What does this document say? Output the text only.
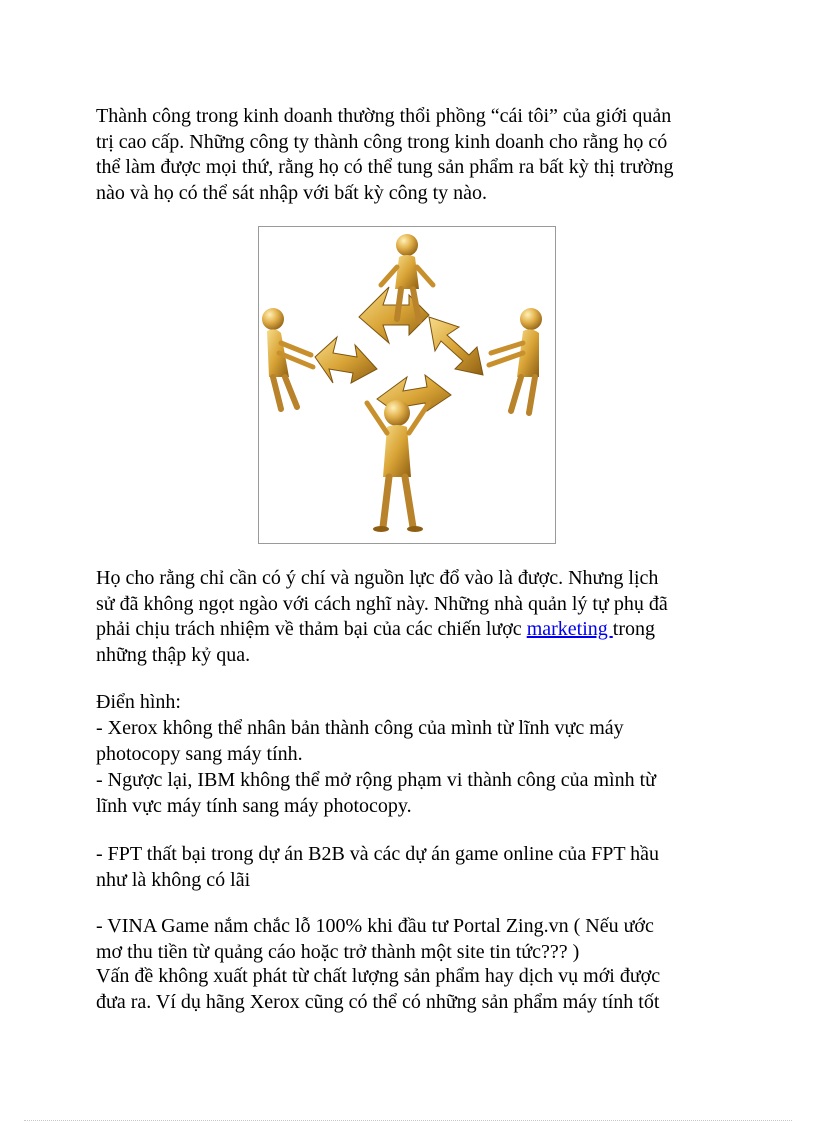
Thành công trong kinh doanh thường thổi phồng “cái tôi” của giới quản
trị cao cấp. Những công ty thành công trong kinh doanh cho rằng họ có
thể làm được mọi thứ, rằng họ có thể tung sản phẩm ra bất kỳ thị trường
nào và họ có thể sát nhập với bất kỳ công ty nào.

Họ cho rằng chỉ cần có ý chí và nguồn lực đổ vào là được. Nhưng lịch
sử đã không ngọt ngào với cách nghĩ này. Những nhà quản lý tự phụ đã
phải chịu trách nhiệm về thảm bại của các chiến lược marketing trong
những thập kỷ qua.

Điển hình:

- Xerox không thể nhân bản thành công của mình từ lĩnh vực máy
photocopy sang máy tính.

- Ngược lại, IBM không thể mở rộng phạm vi thành công của mình từ
lĩnh vực máy tính sang máy photocopy.

- FPT thất bại trong dự án B2B và các dự án game online của FPT hầu
như là không có lãi

- VINA Game nắm chắc lỗ 100% khi đầu tư Portal Zing.vn ( Nếu ước
mơ thu tiền từ quảng cáo hoặc trở thành một site tin tức??? )

Vấn đề không xuất phát từ chất lượng sản phẩm hay dịch vụ mới được
đưa ra. Ví dụ hãng Xerox cũng có thể có những sản phẩm máy tính tốt
